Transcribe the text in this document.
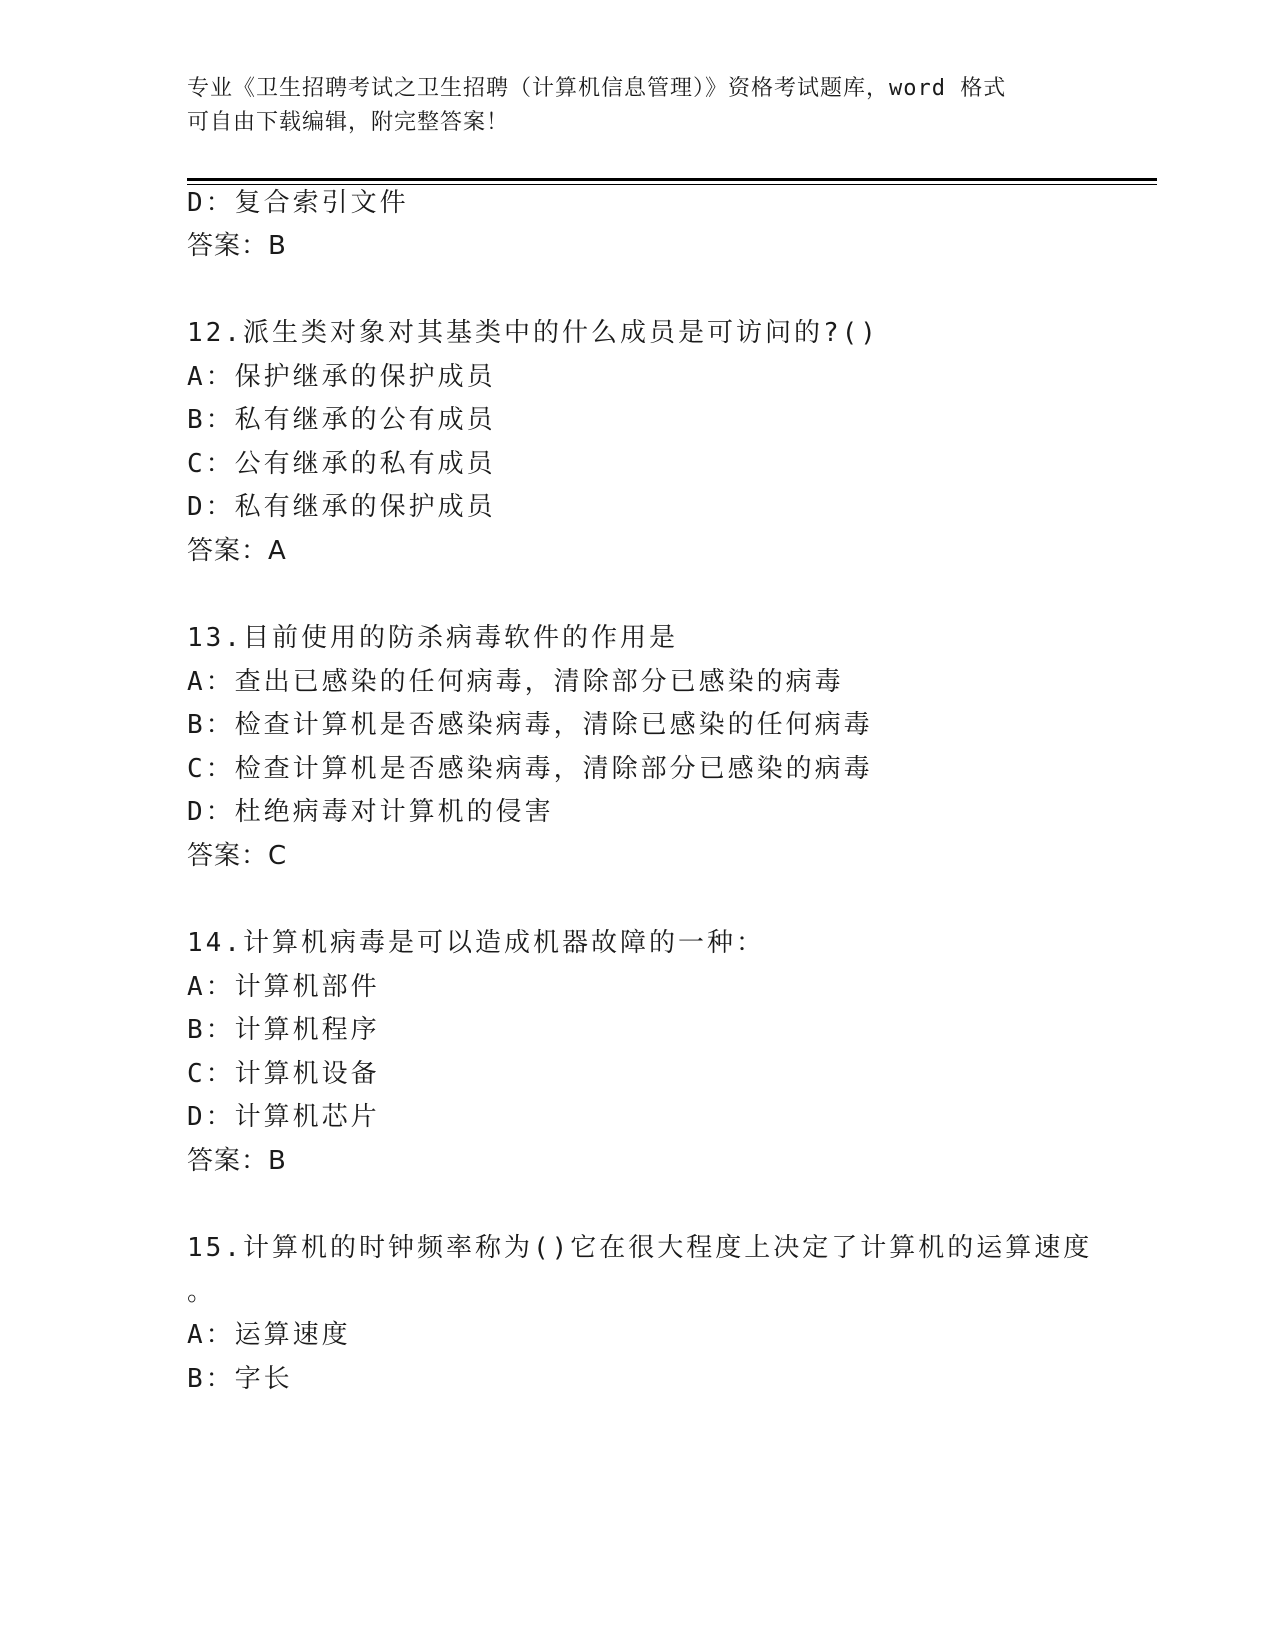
专业《卫生招聘考试之卫生招聘（计算机信息管理）》资格考试题库，word 格式
可自由下载编辑，附完整答案！
D：复合索引文件
答案：B
12.派生类对象对其基类中的什么成员是可访问的?()
A：保护继承的保护成员
B：私有继承的公有成员
C：公有继承的私有成员
D：私有继承的保护成员
答案：A
13.目前使用的防杀病毒软件的作用是
A：查出已感染的任何病毒，清除部分已感染的病毒
B：检查计算机是否感染病毒，清除已感染的任何病毒
C：检查计算机是否感染病毒，清除部分已感染的病毒
D：杜绝病毒对计算机的侵害
答案：C
14.计算机病毒是可以造成机器故障的一种：
A：计算机部件
B：计算机程序
C：计算机设备
D：计算机芯片
答案：B
15.计算机的时钟频率称为()它在很大程度上决定了计算机的运算速度
。
A：运算速度
B：字长
